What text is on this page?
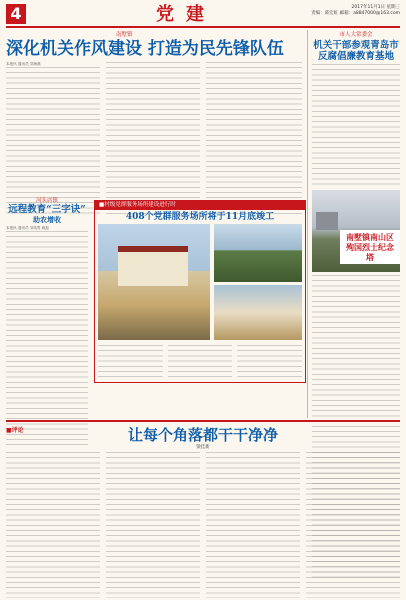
4	党建	2017年11月1日 星期三
责编：葛宏虹 邮箱：a8847000@163.com
南墅镇
深化机关作风建设 打造为民先锋队伍
本报讯 通讯员 刘海燕
市人大常委会
机关干部参观青岛市反腐倡廉教育基地
南墅镇南山区殉国烈士纪念塔
河头店镇
远程教育“三字诀”
助农增收
本报讯 通讯员 刘英男 姚振
■村级党群服务场所建设进行时
408个党群服务场所将于11月底竣工
■评论	让每个角落都干干净净
梁佳新
